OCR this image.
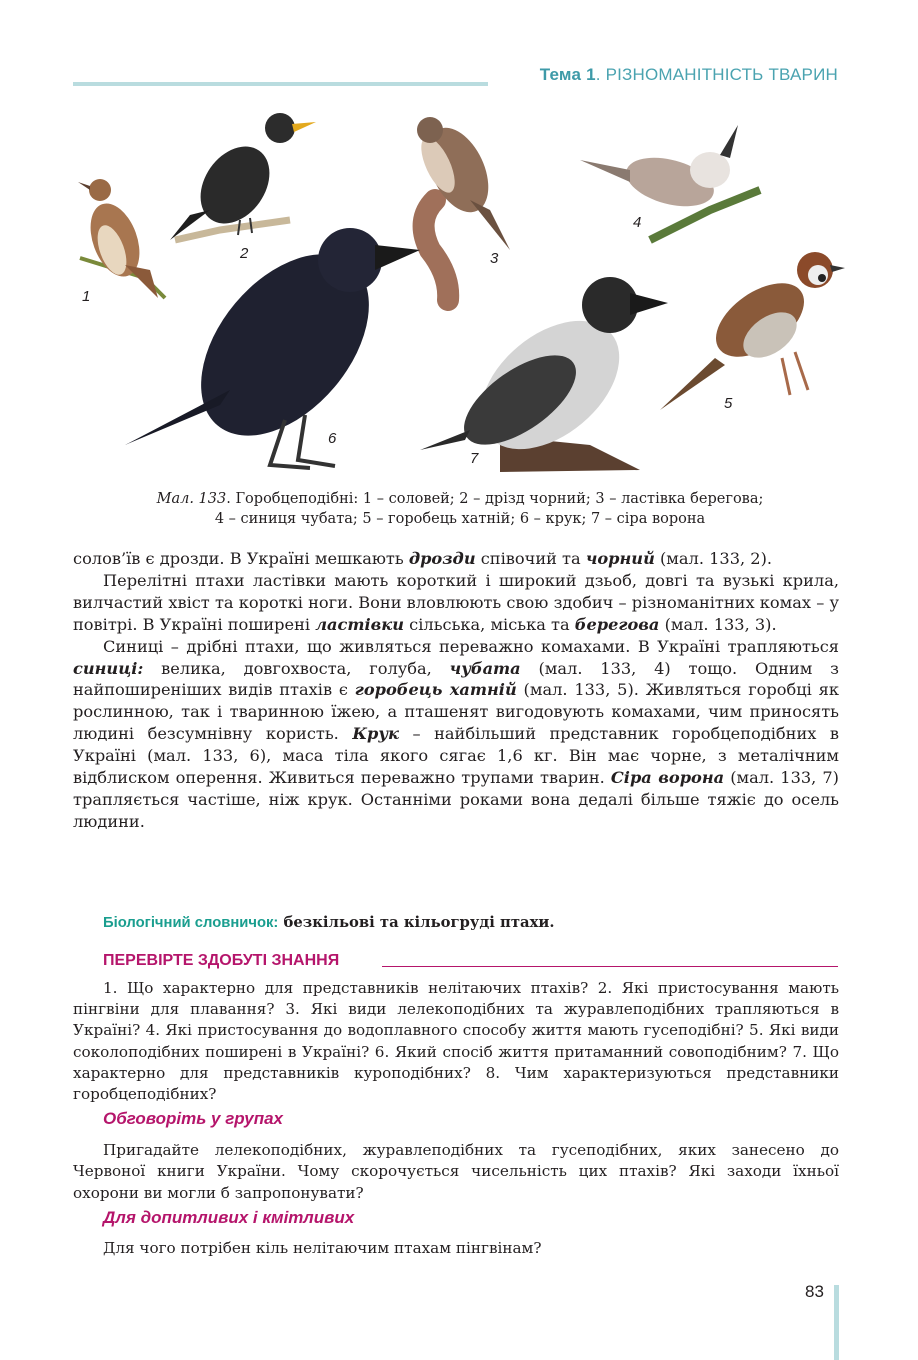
Тема 1. РІЗНОМАНІТНІСТЬ ТВАРИН
1
2	3
4
5
6
7
Мал. 133. Горобцеподібні: 1 – соловей; 2 – дрізд чорний; 3 – ластівка берегова;
4 – синиця чубата; 5 – горобець хатній; 6 – крук; 7 – сіра ворона

солов’їв є дрозди. В Україні мешкають дрозди співочий та чорний (мал. 133, 2).

Перелітні птахи ластівки мають короткий і широкий дзьоб, довгі та вузькі крила, вилчастий хвіст та короткі ноги. Вони вловлюють свою здобич – різноманітних комах – у повітрі. В Україні поширені ластівки сільська, міська та берегова (мал. 133, 3).

Синиці – дрібні птахи, що живляться переважно комахами. В Україні трапляються синиці: велика, довгохвоста, голуба, чубата (мал. 133, 4) тощо. Одним з найпоширеніших видів птахів є горобець хатній (мал. 133, 5). Живляться горобці як рослинною, так і тваринною їжею, а пташенят вигодовують комахами, чим приносять людині безсумнівну користь. Крук – найбільший представник горобцеподібних в Україні (мал. 133, 6), маса тіла якого сягає 1,6 кг. Він має чорне, з металічним відблиском оперення. Живиться переважно трупами тварин. Сіра ворона (мал. 133, 7) трапляється частіше, ніж крук. Останніми роками вона дедалі більше тяжіє до осель людини.

Біологічний словничок: безкільові та кільогруді птахи.
ПЕРЕВІРТЕ ЗДОБУТІ ЗНАННЯ
1. Що характерно для представників нелітаючих птахів? 2. Які пристосування мають пінгвіни для плавання? 3. Які види лелекоподібних та журавлеподібних трапляються в Україні? 4. Які пристосування до водоплавного способу життя мають гусеподібні? 5. Які види соколоподібних поширені в Україні? 6. Який спосіб життя притаманний совоподібним? 7. Що характерно для представників куроподібних? 8. Чим характеризуються представники горобцеподібних?
Обговоріть у групах
Пригадайте лелекоподібних, журавлеподібних та гусеподібних, яких занесено до Червоної книги України. Чому скорочується чисельність цих птахів? Які заходи їхньої охорони ви могли б запропонувати?
Для допитливих і кмітливих
Для чого потрібен кіль нелітаючим птахам пінгвінам?
83
